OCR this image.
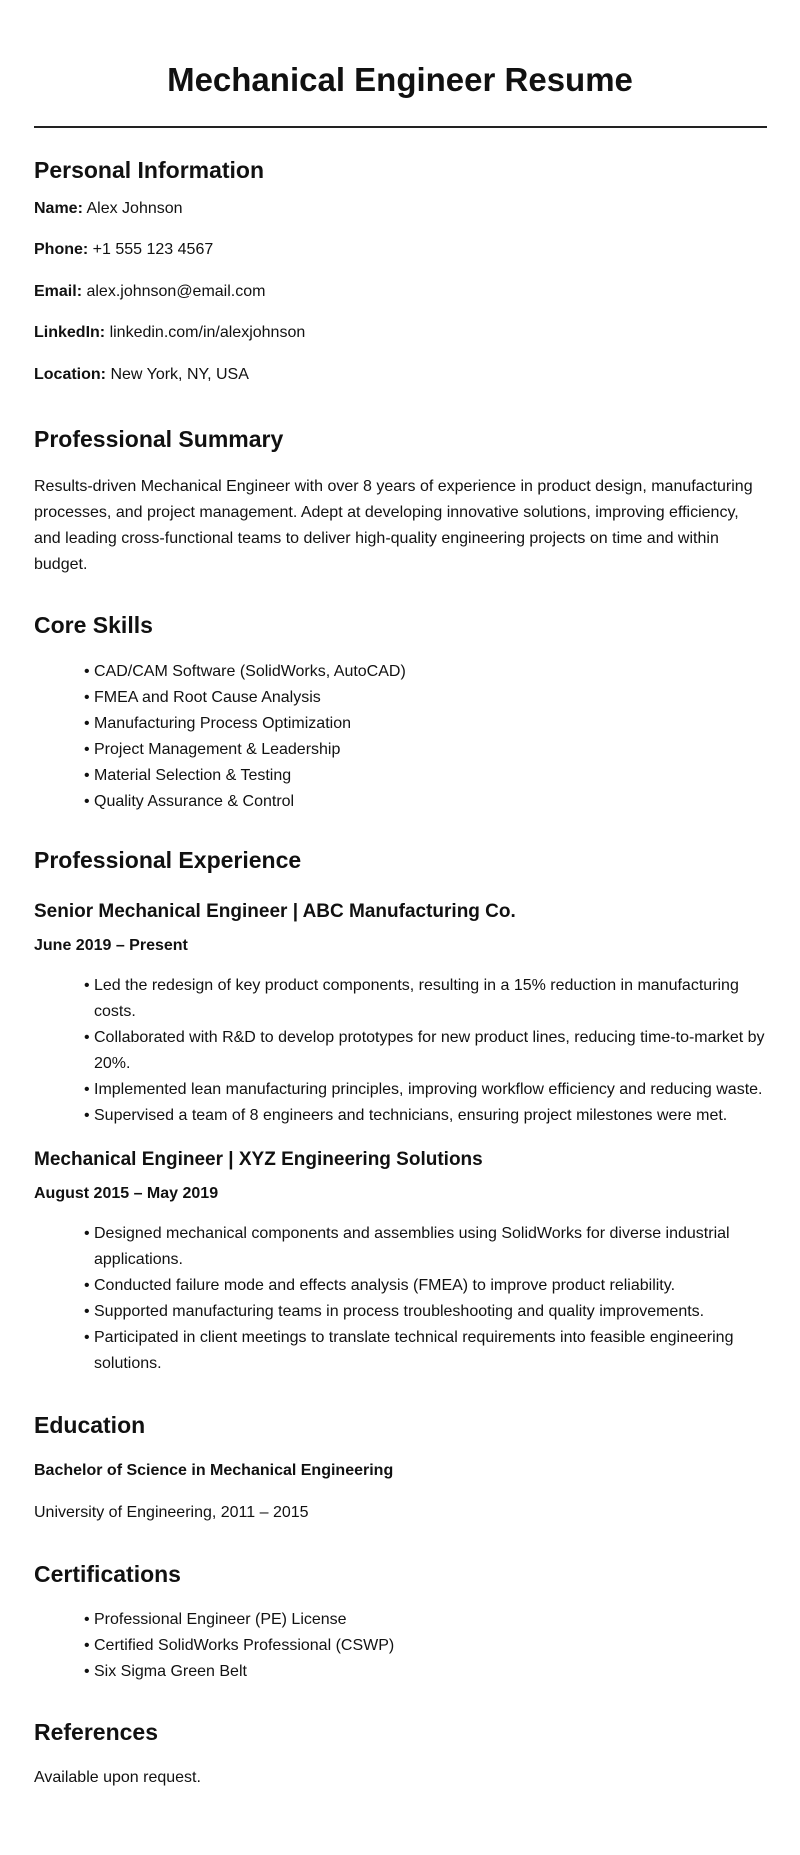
Mechanical Engineer Resume
Personal Information

Name: Alex Johnson

Phone: +1 555 123 4567

Email: alex.johnson@email.com

LinkedIn: linkedin.com/in/alexjohnson

Location: New York, NY, USA

Professional Summary

Results-driven Mechanical Engineer with over 8 years of experience in product design, manufacturing processes, and project management. Adept at developing innovative solutions, improving efficiency, and leading cross-functional teams to deliver high-quality engineering projects on time and within budget.

Core Skills
• CAD/CAM Software (SolidWorks, AutoCAD)
• FMEA and Root Cause Analysis
• Manufacturing Process Optimization
• Project Management & Leadership
• Material Selection & Testing
• Quality Assurance & Control
Professional Experience
Senior Mechanical Engineer | ABC Manufacturing Co.

June 2019 – Present

• Led the redesign of key product components, resulting in a 15% reduction in manufacturing costs.
• Collaborated with R&D to develop prototypes for new product lines, reducing time-to-market by 20%.
• Implemented lean manufacturing principles, improving workflow efficiency and reducing waste.
• Supervised a team of 8 engineers and technicians, ensuring project milestones were met.
Mechanical Engineer | XYZ Engineering Solutions

August 2015 – May 2019

• Designed mechanical components and assemblies using SolidWorks for diverse industrial applications.
• Conducted failure mode and effects analysis (FMEA) to improve product reliability.
• Supported manufacturing teams in process troubleshooting and quality improvements.
• Participated in client meetings to translate technical requirements into feasible engineering solutions.
Education

Bachelor of Science in Mechanical Engineering

University of Engineering, 2011 – 2015

Certifications
• Professional Engineer (PE) License
• Certified SolidWorks Professional (CSWP)
• Six Sigma Green Belt
References

Available upon request.
